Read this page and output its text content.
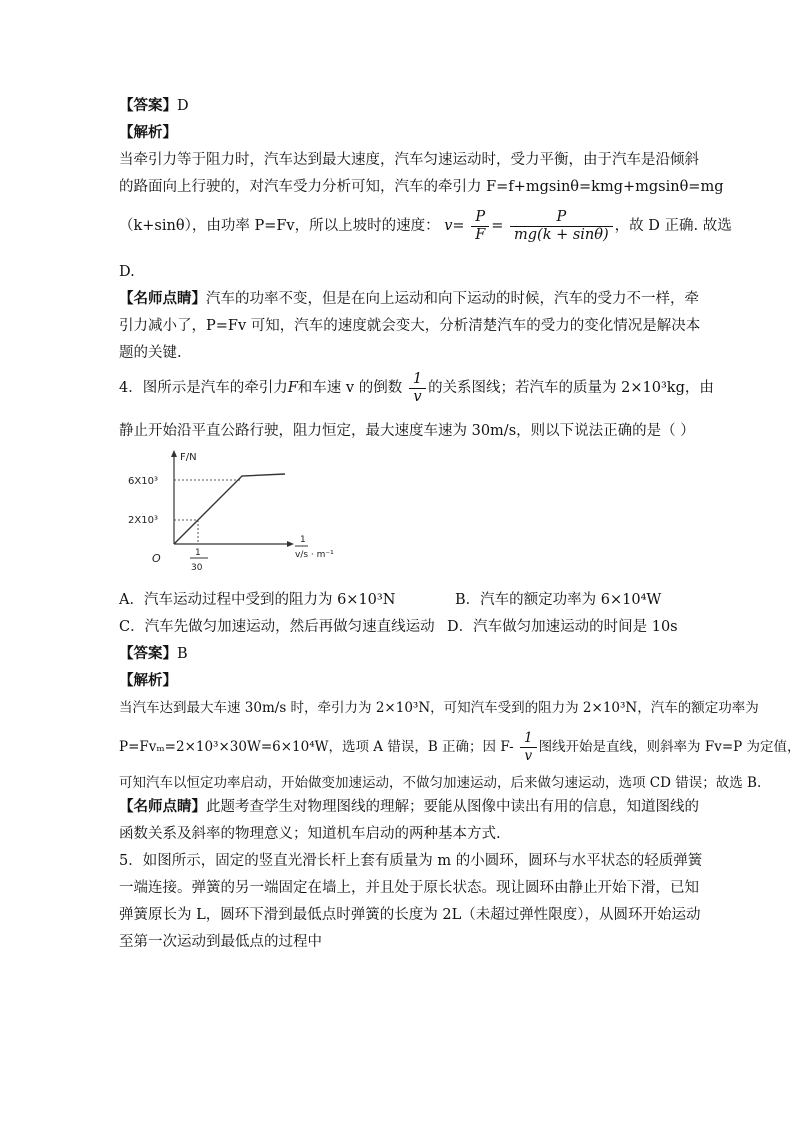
【答案】D
【解析】
当牵引力等于阻力时，汽车达到最大速度，汽车匀速运动时，受力平衡，由于汽车是沿倾斜
的路面向上行驶的，对汽车受力分析可知，汽车的牵引力 F=f+mgsinθ=kmg+mgsinθ=mg
（k+sinθ），由功率 P=Fv，所以上坡时的速度： $v= \frac{P}{F} = \frac{P}{mg(k + \sin\theta)}$ ，故 D 正确. 故选
D.
【名师点睛】汽车的功率不变，但是在向上运动和向下运动的时候，汽车的受力不一样，牵
引力减小了，P=Fv 可知，汽车的速度就会变大，分析清楚汽车的受力的变化情况是解决本
题的关键.
4．图所示是汽车的牵引力F和车速 v 的倒数 $\frac{1}{v}$ 的关系图线；若汽车的质量为 2×10³kg，由
静止开始沿平直公路行驶，阻力恒定，最大速度车速为 30m/s，则以下说法正确的是（ ）
F/N
6X10³
2X10³
O	1
30
1
v/s · m⁻¹
A．汽车运动过程中受到的阻力为 6×10³N	B．汽车的额定功率为 6×10⁴W
C．汽车先做匀加速运动，然后再做匀速直线运动 D．汽车做匀加速运动的时间是 10s
【答案】B
【解析】
当汽车达到最大车速 30m/s 时，牵引力为 2×10³N，可知汽车受到的阻力为 2×10³N，汽车的额定功率为
P=Fvₘ=2×10³×30W=6×10⁴W，选项 A 错误，B 正确；因 $F- \frac{1}{v}$ 图线开始是直线，则斜率为 Fv=P 为定值，
可知汽车以恒定功率启动，开始做变加速运动，不做匀加速运动，后来做匀速运动，选项 CD 错误；故选 B.
【名师点睛】此题考查学生对物理图线的理解；要能从图像中读出有用的信息，知道图线的
函数关系及斜率的物理意义；知道机车启动的两种基本方式.
5．如图所示，固定的竖直光滑长杆上套有质量为 m 的小圆环，圆环与水平状态的轻质弹簧
一端连接。弹簧的另一端固定在墙上，并且处于原长状态。现让圆环由静止开始下滑，已知
弹簧原长为 L，圆环下滑到最低点时弹簧的长度为 2L（未超过弹性限度），从圆环开始运动
至第一次运动到最低点的过程中
